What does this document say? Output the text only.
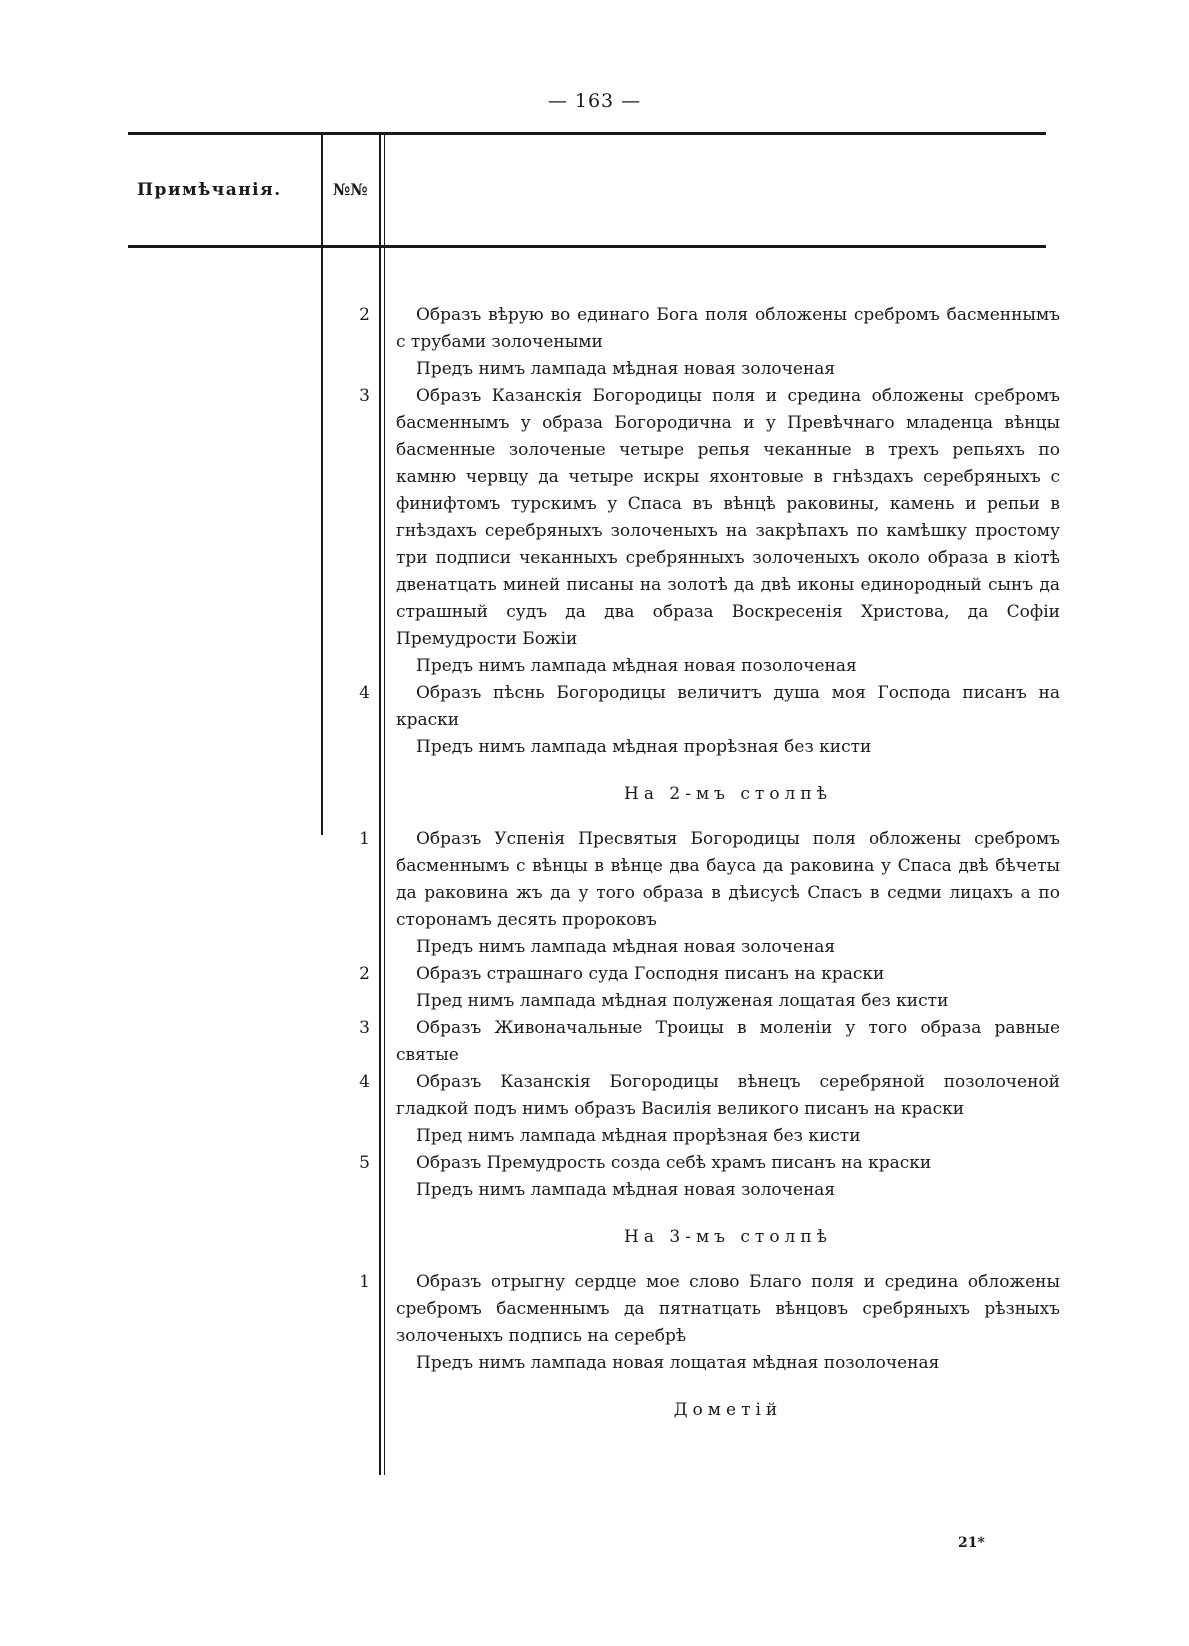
— 163 —
Примѣчанія.	№№
2	Образъ вѣрую во единаго Бога поля обложены сребромъ басменнымъ с трубами золочеными
Предъ нимъ лампада мѣдная новая золоченая
3	Образъ Казанскія Богородицы поля и средина обложены сребромъ басменнымъ у образа Богородична и у Превѣчнаго младенца вѣнцы басменные золоченые четыре репья чеканные в трехъ репьяхъ по камню червцу да четыре искры яхонтовые в гнѣздахъ серебряныхъ с финифтомъ турскимъ у Спаса въ вѣнцѣ раковины, камень и репьи в гнѣздахъ серебряныхъ золоченыхъ на закрѣпахъ по камѣшку простому три подписи чеканныхъ сребрянныхъ золоченыхъ около образа в кіотѣ двенатцать миней писаны на золотѣ да двѣ иконы единородный сынъ да страшный судъ да два образа Воскресенія Христова, да Софіи Премудрости Божіи
Предъ нимъ лампада мѣдная новая позолоченая
4	Образъ пѣснь Богородицы величитъ душа моя Господа писанъ на краски
Предъ нимъ лампада мѣдная прорѣзная без кисти
На 2-мъ столпѣ
1	Образъ Успенія Пресвятыя Богородицы поля обложены сребромъ басменнымъ с вѣнцы в вѣнце два бауса да раковина у Спаса двѣ бѣчеты да раковина жъ да у того образа в дѣисусѣ Спасъ в седми лицахъ а по сторонамъ десять пророковъ
Предъ нимъ лампада мѣдная новая золоченая
2	Образъ страшнаго суда Господня писанъ на краски
Пред нимъ лампада мѣдная полуженая лощатая без кисти
3	Образъ Живоначальные Троицы в моленіи у того образа равные святые
4	Образъ Казанскія Богородицы вѣнецъ серебряной позолоченой гладкой подъ нимъ образъ Василія великого писанъ на краски
Пред нимъ лампада мѣдная прорѣзная без кисти
5	Образъ Премудрость созда себѣ храмъ писанъ на краски
Предъ нимъ лампада мѣдная новая золоченая
На 3-мъ столпѣ
1	Образъ отрыгну сердце мое слово Благо поля и средина обложены сребромъ басменнымъ да пятнатцать вѣнцовъ сребряныхъ рѣзныхъ золоченыхъ подпись на серебрѣ
Предъ нимъ лампада новая лощатая мѣдная позолоченая
Дометій
21*
